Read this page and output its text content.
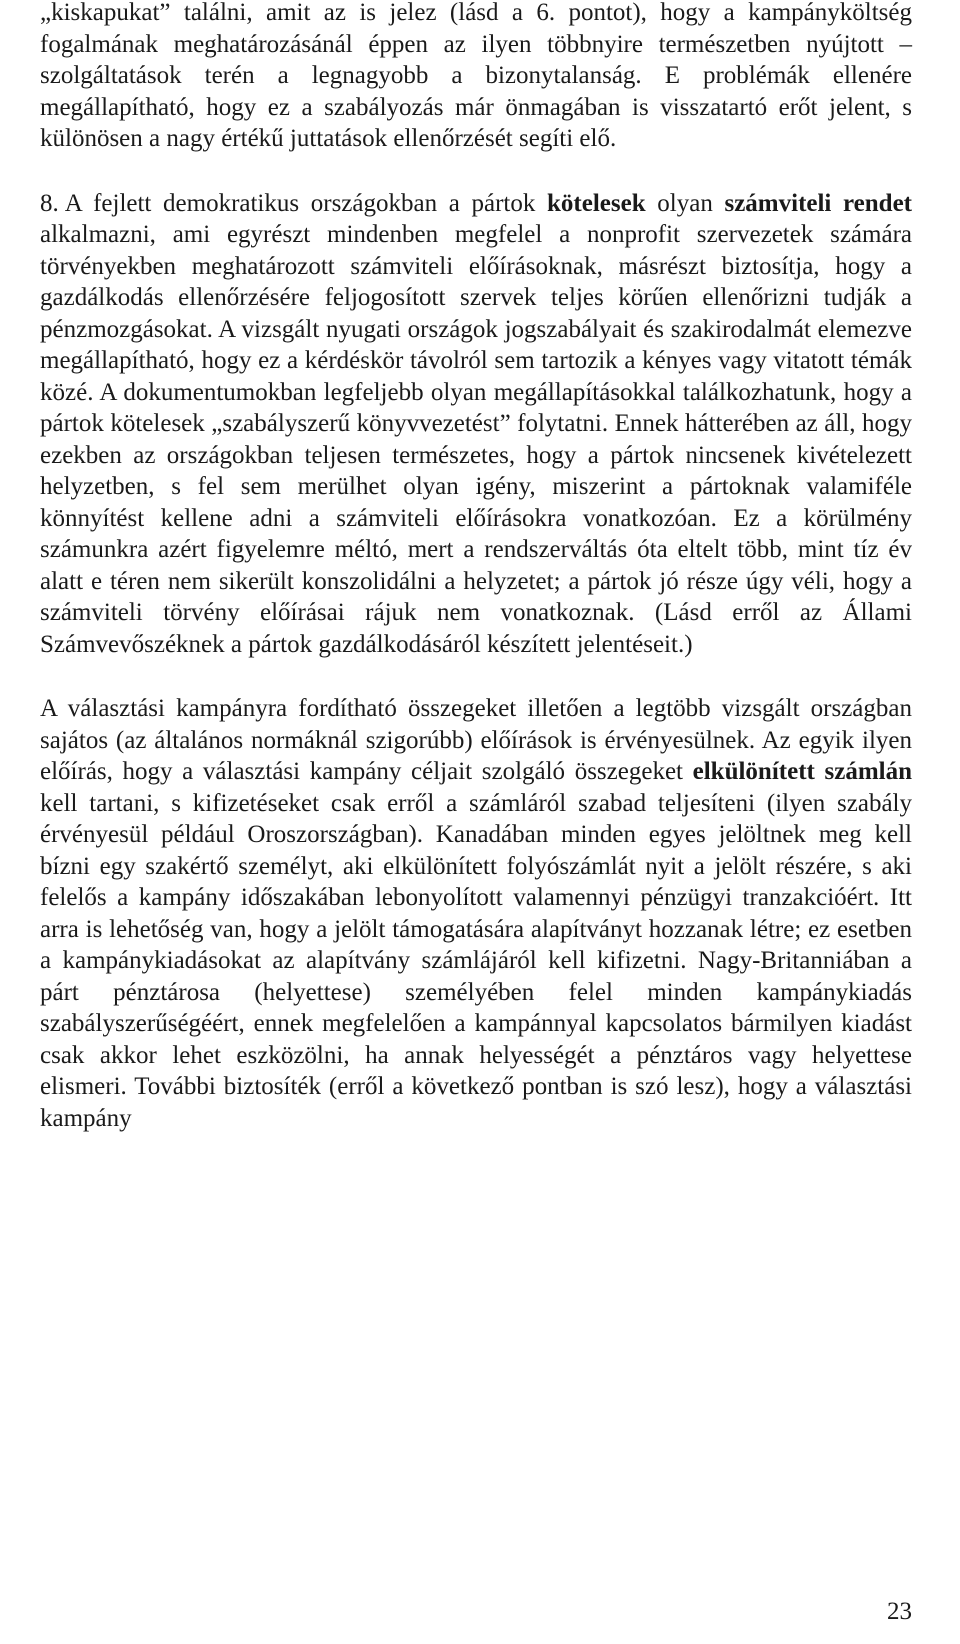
„kiskapukat” találni, amit az is jelez (lásd a 6. pontot), hogy a kampányköltség fogalmának meghatározásánál éppen az ilyen többnyire természetben nyújtott – szolgáltatások terén a legnagyobb a bizonytalanság. E problémák ellenére megállapítható, hogy ez a szabályozás már önmagában is visszatartó erőt jelent, s különösen a nagy értékű juttatások ellenőrzését segíti elő.

8. A fejlett demokratikus országokban a pártok kötelesek olyan számviteli rendet alkalmazni, ami egyrészt mindenben megfelel a nonprofit szervezetek számára törvényekben meghatározott számviteli előírásoknak, másrészt biztosítja, hogy a gazdálkodás ellenőrzésére feljogosított szervek teljes körűen ellenőrizni tudják a pénzmozgásokat. A vizsgált nyugati országok jogszabályait és szakirodalmát elemezve megállapítható, hogy ez a kérdéskör távolról sem tartozik a kényes vagy vitatott témák közé. A dokumentumokban legfeljebb olyan megállapításokkal találkozhatunk, hogy a pártok kötelesek „szabályszerű könyvvezetést” folytatni. Ennek hátterében az áll, hogy ezekben az országokban teljesen természetes, hogy a pártok nincsenek kivételezett helyzetben, s fel sem merülhet olyan igény, miszerint a pártoknak valamiféle könnyítést kellene adni a számviteli előírásokra vonatkozóan. Ez a körülmény számunkra azért figyelemre méltó, mert a rendszerváltás óta eltelt több, mint tíz év alatt e téren nem sikerült konszolidálni a helyzetet; a pártok jó része úgy véli, hogy a számviteli törvény előírásai rájuk nem vonatkoznak. (Lásd erről az Állami Számvevőszéknek a pártok gazdálkodásáról készített jelentéseit.)

A választási kampányra fordítható összegeket illetően a legtöbb vizsgált országban sajátos (az általános normáknál szigorúbb) előírások is érvényesülnek. Az egyik ilyen előírás, hogy a választási kampány céljait szolgáló összegeket elkülönített számlán kell tartani, s kifizetéseket csak erről a számláról szabad teljesíteni (ilyen szabály érvényesül például Oroszországban). Kanadában minden egyes jelöltnek meg kell bízni egy szakértő személyt, aki elkülönített folyószámlát nyit a jelölt részére, s aki felelős a kampány időszakában lebonyolított valamennyi pénzügyi tranzakcióért. Itt arra is lehetőség van, hogy a jelölt támogatására alapítványt hozzanak létre; ez esetben a kampánykiadásokat az alapítvány számlájáról kell kifizetni. Nagy-Britanniában a párt pénztárosa (helyettese) személyében felel minden kampánykiadás szabályszerűségéért, ennek megfelelően a kampánnyal kapcsolatos bármilyen kiadást csak akkor lehet eszközölni, ha annak helyességét a pénztáros vagy helyettese elismeri. További biztosíték (erről a következő pontban is szó lesz), hogy a választási kampány

23
